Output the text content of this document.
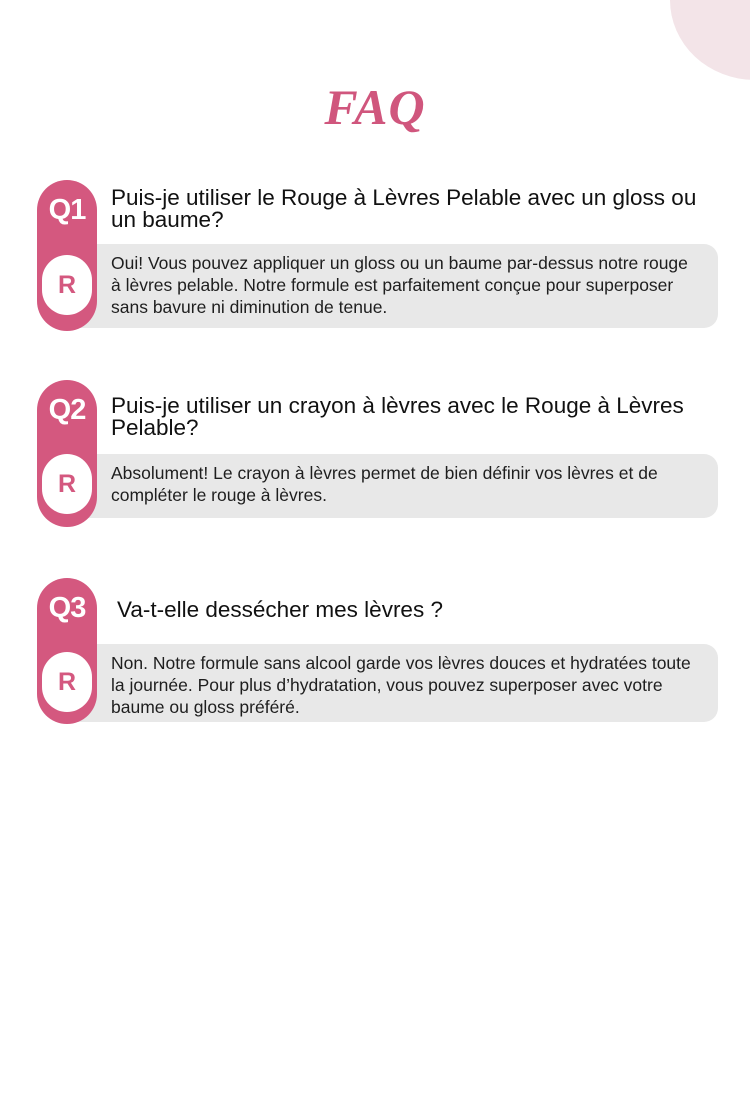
FAQ
Oui! Vous pouvez appliquer un gloss ou un baume par-dessus notre rouge à lèvres pelable. Notre formule est parfaitement conçue pour superposer sans bavure ni diminution de tenue.
Q1
R

Puis-je utiliser le Rouge à Lèvres Pelable avec un gloss ou un baume?

Absolument! Le crayon à lèvres permet de bien définir vos lèvres et de compléter le rouge à lèvres.
Q2
R

Puis-je utiliser un crayon à lèvres avec le Rouge à Lèvres Pelable?

Non. Notre formule sans alcool garde vos lèvres douces et hydratées toute la journée. Pour plus d’hydratation, vous pouvez superposer avec votre baume ou gloss préféré.
Q3
R

Va-t-elle dessécher mes lèvres ?
